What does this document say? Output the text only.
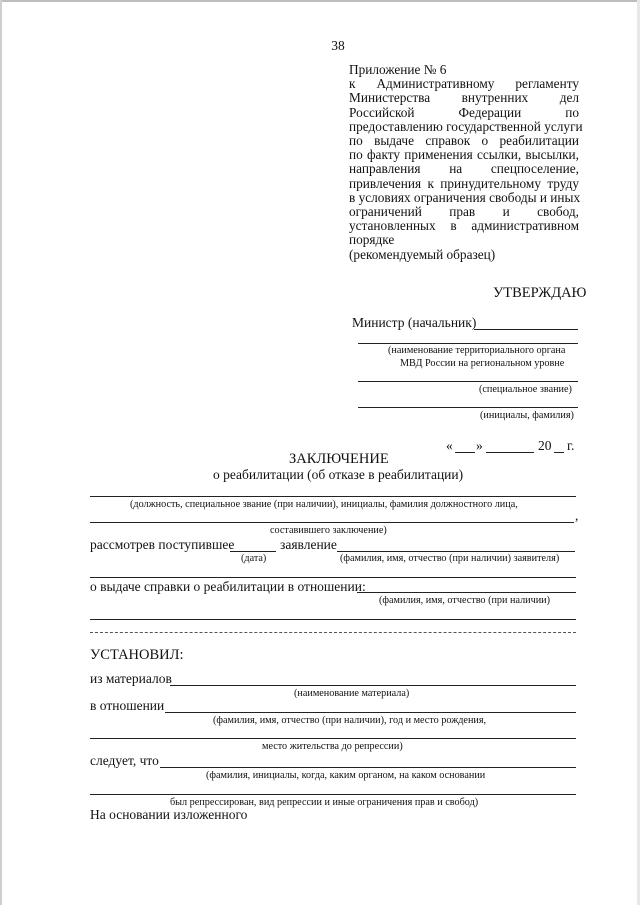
38
Приложение № 6
к Административному регламенту
Министерства внутренних дел
Российской	Федерации	по
предоставлению государственной услуги
по выдаче справок о реабилитации
по факту применения ссылки, высылки,
направления на спецпоселение,
привлечения к принудительному труду
в условиях ограничения свободы и иных
ограничений прав и свобод,
установленных в административном
порядке
(рекомендуемый образец)
УТВЕРЖДАЮ
Министр (начальник)
(наименование территориального органа
МВД России на региональном уровне
(специальное звание)
(инициалы, фамилия)
« »	20 г.
ЗАКЛЮЧЕНИЕ
о реабилитации (об отказе в реабилитации)
(должность, специальное звание (при наличии), инициалы, фамилия должностного лица,
,
составившего заключение)
рассмотрев поступившее	заявление
(дата)	(фамилия, имя, отчество (при наличии) заявителя)
о выдаче справки о реабилитации в отношении:
(фамилия, имя, отчество (при наличии)
УСТАНОВИЛ:
из материалов
(наименование материала)
в отношении
(фамилия, имя, отчество (при наличии), год и место рождения,
место жительства до репрессии)
следует, что
(фамилия, инициалы, когда, каким органом, на каком основании
был репрессирован, вид репрессии и иные ограничения прав и свобод)
На основании изложенного
